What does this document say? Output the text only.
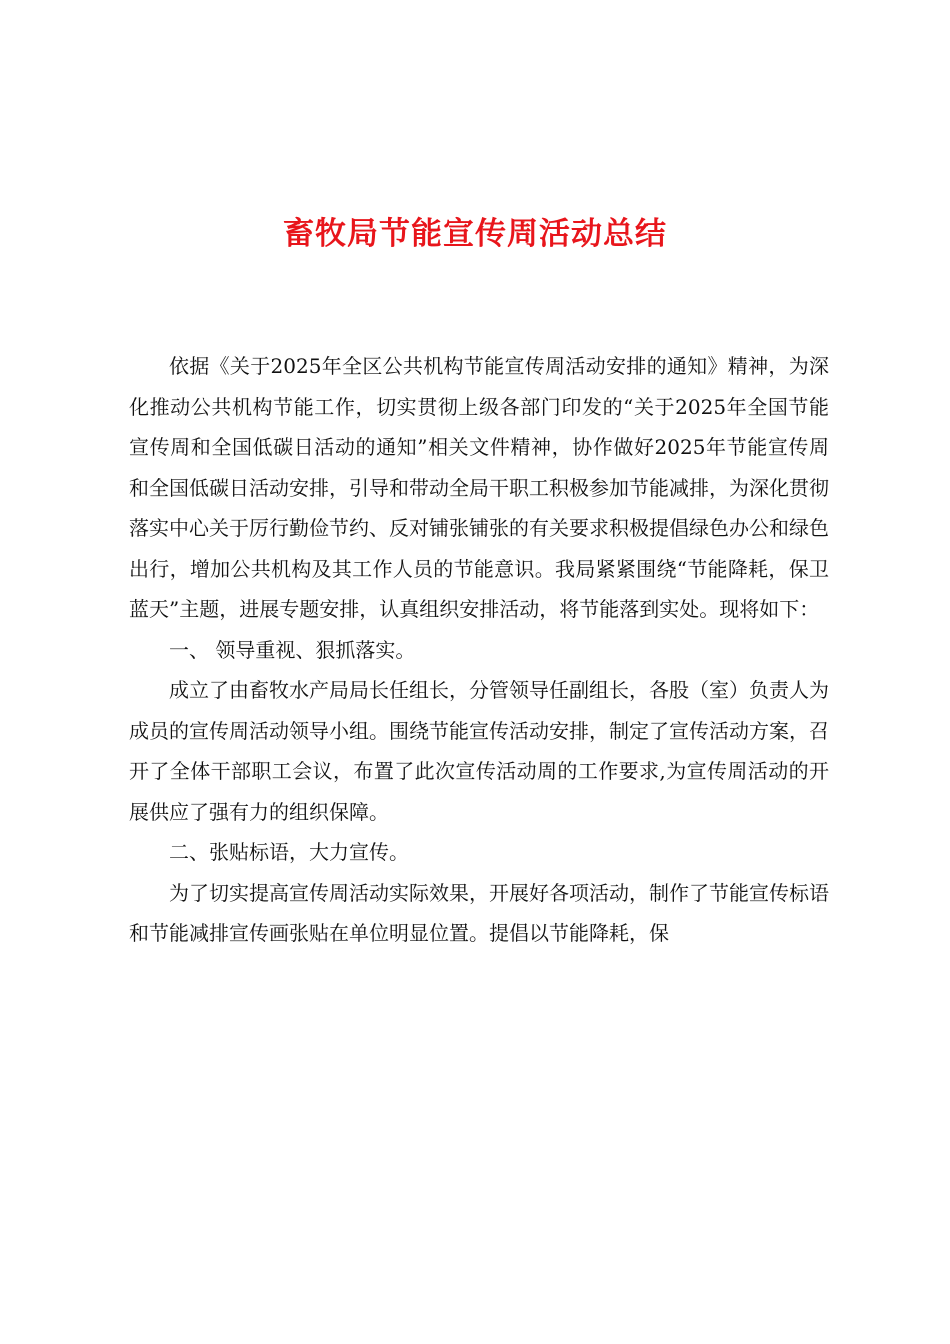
畜牧局节能宣传周活动总结

依据《关于2025年全区公共机构节能宣传周活动安排的通知》精神，为深化推动公共机构节能工作，切实贯彻上级各部门印发的“关于2025年全国节能宣传周和全国低碳日活动的通知”相关文件精神，协作做好2025年节能宣传周和全国低碳日活动安排，引导和带动全局干职工积极参加节能减排，为深化贯彻落实中心关于厉行勤俭节约、反对铺张铺张的有关要求积极提倡绿色办公和绿色出行，增加公共机构及其工作人员的节能意识。我局紧紧围绕“节能降耗，保卫蓝天”主题，进展专题安排，认真组织安排活动，将节能落到实处。现将如下：

一、 领导重视、狠抓落实。

成立了由畜牧水产局局长任组长，分管领导任副组长，各股（室）负责人为成员的宣传周活动领导小组。围绕节能宣传活动安排，制定了宣传活动方案，召开了全体干部职工会议，布置了此次宣传活动周的工作要求,为宣传周活动的开展供应了强有力的组织保障。

二、张贴标语，大力宣传。

为了切实提高宣传周活动实际效果，开展好各项活动，制作了节能宣传标语和节能减排宣传画张贴在单位明显位置。提倡以节能降耗，保
